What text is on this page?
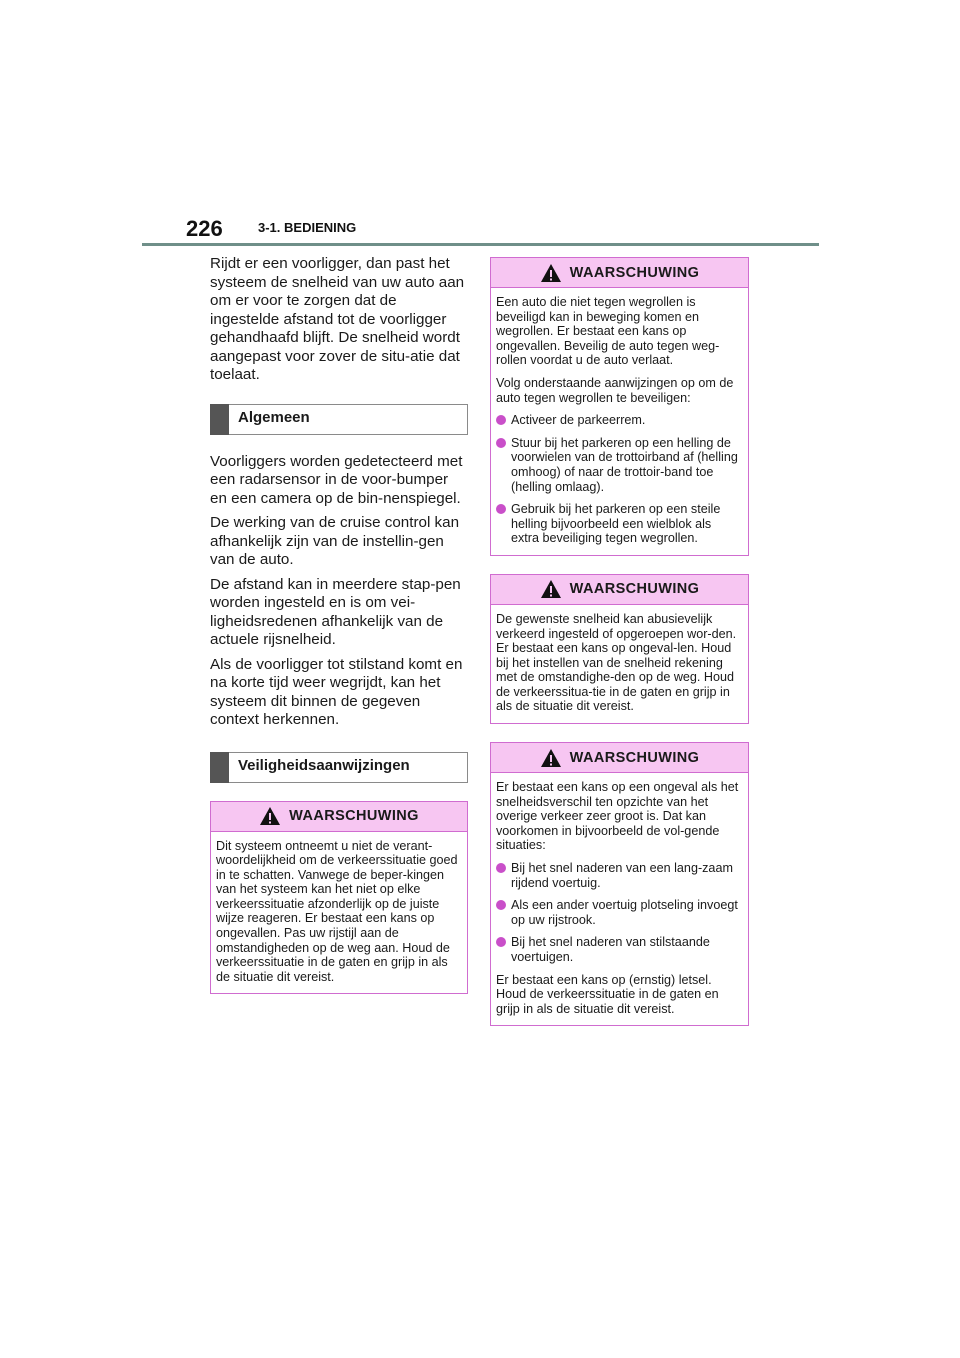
226	3-1. BEDIENING

Rijdt er een voorligger, dan past het systeem de snelheid van uw auto aan om er voor te zorgen dat de ingestelde afstand tot de voorligger gehandhaafd blijft. De snelheid wordt aangepast voor zover de situ-atie dat toelaat.

Algemeen

Voorliggers worden gedetecteerd met een radarsensor in de voor-bumper en een camera op de bin-nenspiegel.

De werking van de cruise control kan afhankelijk zijn van de instellin-gen van de auto.

De afstand kan in meerdere stap-pen worden ingesteld en is om vei-ligheidsredenen afhankelijk van de actuele rijsnelheid.

Als de voorligger tot stilstand komt en na korte tijd weer wegrijdt, kan het systeem dit binnen de gegeven context herkennen.

Veiligheidsaanwijzingen
WAARSCHUWING

Dit systeem ontneemt u niet de verant-woordelijkheid om de verkeerssituatie goed in te schatten. Vanwege de beper-kingen van het systeem kan het niet op elke verkeerssituatie afzonderlijk op de juiste wijze reageren. Er bestaat een kans op ongevallen. Pas uw rijstijl aan de omstandigheden op de weg aan. Houd de verkeerssituatie in de gaten en grijp in als de situatie dit vereist.

WAARSCHUWING

Een auto die niet tegen wegrollen is beveiligd kan in beweging komen en wegrollen. Er bestaat een kans op ongevallen. Beveilig de auto tegen weg-rollen voordat u de auto verlaat.

Volg onderstaande aanwijzingen op om de auto tegen wegrollen te beveiligen:

Activeer de parkeerrem.
Stuur bij het parkeren op een helling de voorwielen van de trottoirband af (helling omhoog) of naar de trottoir-band toe (helling omlaag).
Gebruik bij het parkeren op een steile helling bijvoorbeeld een wielblok als extra beveiliging tegen wegrollen.
WAARSCHUWING

De gewenste snelheid kan abusievelijk verkeerd ingesteld of opgeroepen wor-den. Er bestaat een kans op ongeval-len. Houd bij het instellen van de snelheid rekening met de omstandighe-den op de weg. Houd de verkeerssitua-tie in de gaten en grijp in als de situatie dit vereist.

WAARSCHUWING

Er bestaat een kans op een ongeval als het snelheidsverschil ten opzichte van het overige verkeer zeer groot is. Dat kan voorkomen in bijvoorbeeld de vol-gende situaties:

Bij het snel naderen van een lang-zaam rijdend voertuig.
Als een ander voertuig plotseling invoegt op uw rijstrook.
Bij het snel naderen van stilstaande voertuigen.

Er bestaat een kans op (ernstig) letsel. Houd de verkeerssituatie in de gaten en grijp in als de situatie dit vereist.
